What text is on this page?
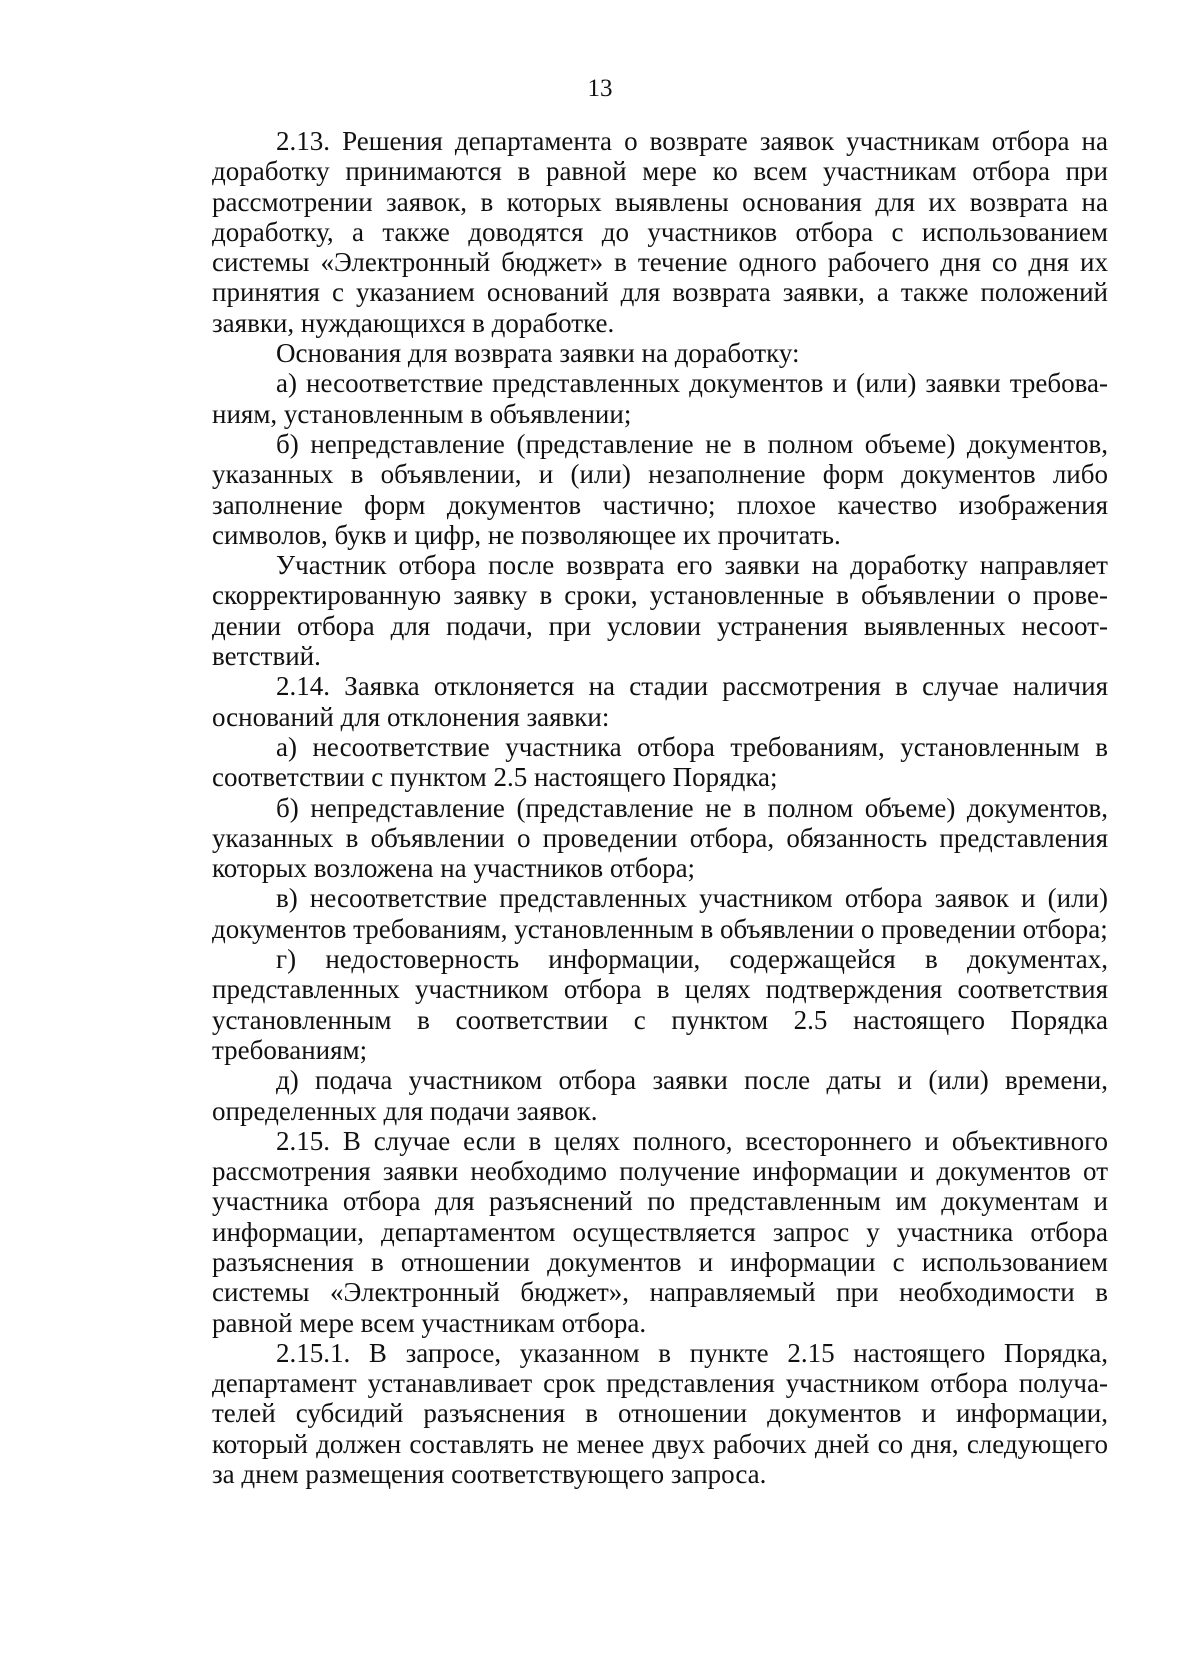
13

2.13. Решения департамента о возврате заявок участникам отбора на доработку принимаются в равной мере ко всем участникам отбора при рассмотрении заявок, в которых выявлены основания для их возврата на доработку, а также доводятся до участников отбора с использованием системы «Электронный бюджет» в течение одного рабочего дня со дня их принятия с указанием оснований для возврата заявки, а также положений заявки, нуждающихся в доработке.

Основания для возврата заявки на доработку:

а) несоответствие представленных документов и (или) заявки требованиям, установленным в объявлении;

б) непредставление (представление не в полном объеме) документов, указанных в объявлении, и (или) незаполнение форм документов либо заполнение форм документов частично; плохое качество изображения символов, букв и цифр, не позволяющее их прочитать.

Участник отбора после возврата его заявки на доработку направляет скорректированную заявку в сроки, установленные в объявлении о проведении отбора для подачи, при условии устранения выявленных несоответствий.

2.14. Заявка отклоняется на стадии рассмотрения в случае наличия оснований для отклонения заявки:

а) несоответствие участника отбора требованиям, установленным в соответствии с пунктом 2.5 настоящего Порядка;

б) непредставление (представление не в полном объеме) документов, указанных в объявлении о проведении отбора, обязанность представления которых возложена на участников отбора;

в) несоответствие представленных участником отбора заявок и (или) документов требованиям, установленным в объявлении о проведении отбора;

г) недостоверность информации, содержащейся в документах, представленных участником отбора в целях подтверждения соответствия установленным в соответствии с пунктом 2.5 настоящего Порядка требованиям;

д) подача участником отбора заявки после даты и (или) времени, определенных для подачи заявок.

2.15. В случае если в целях полного, всестороннего и объективного рассмотрения заявки необходимо получение информации и документов от участника отбора для разъяснений по представленным им документам и информации, департаментом осуществляется запрос у участника отбора разъяснения в отношении документов и информации с использованием системы «Электронный бюджет», направляемый при необходимости в равной мере всем участникам отбора.

2.15.1. В запросе, указанном в пункте 2.15 настоящего Порядка, департамент устанавливает срок представления участником отбора получателей субсидий разъяснения в отношении документов и информации, который должен составлять не менее двух рабочих дней со дня, следующего за днем размещения соответствующего запроса.
